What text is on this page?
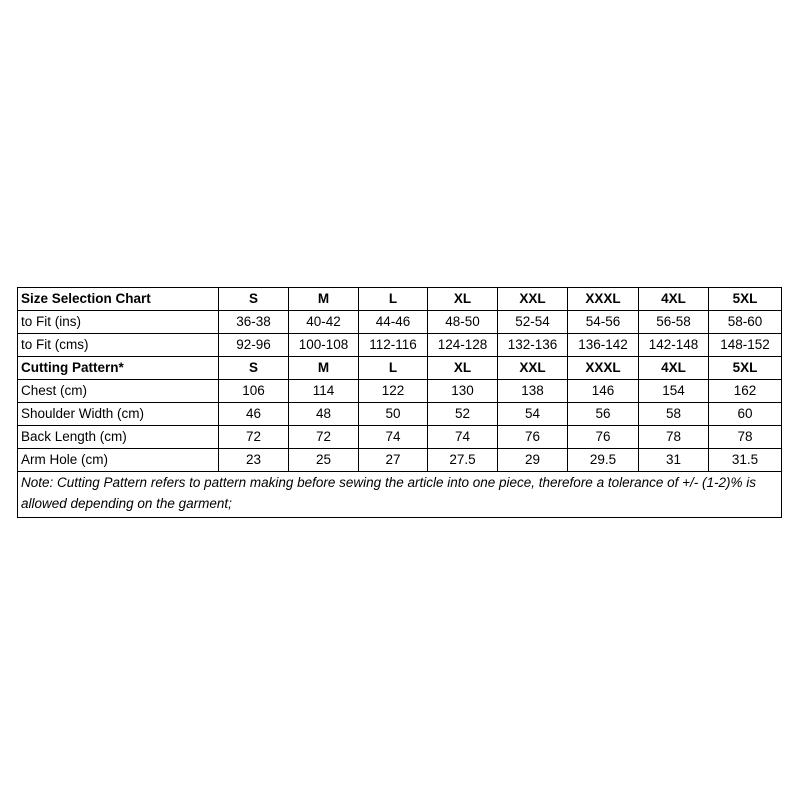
Size Selection Chart	S	M	L	XL	XXL	XXXL	4XL	5XL
to Fit (ins)	36-38	40-42	44-46	48-50	52-54	54-56	56-58	58-60
to Fit (cms)	92-96	100-108	112-116	124-128	132-136	136-142	142-148	148-152
Cutting Pattern*	S	M	L	XL	XXL	XXXL	4XL	5XL
Chest (cm)	106	114	122	130	138	146	154	162
Shoulder Width (cm)	46	48	50	52	54	56	58	60
Back Length (cm)	72	72	74	74	76	76	78	78
Arm Hole (cm)	23	25	27	27.5	29	29.5	31	31.5
Note: Cutting Pattern refers to pattern making before sewing the article into one piece, therefore a tolerance of +/- (1-2)% is allowed depending on the garment;								
